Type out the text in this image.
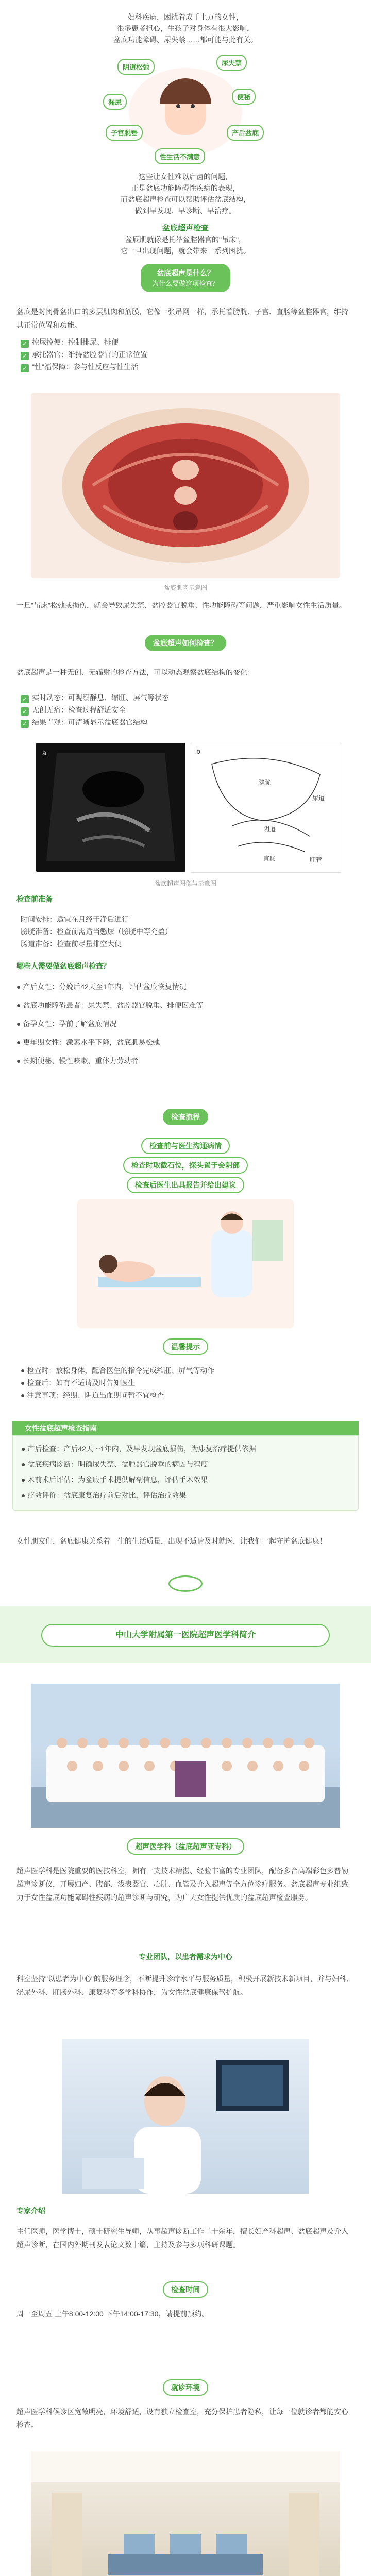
妇科疾病，困扰着成千上万的女性，
很多患者担心，生孩子对身体有很大影响，
盆底功能障碍、尿失禁……都可能与此有关。
阴道松弛
尿失禁
漏尿
便秘
子宫脱垂	产后盆底
性生活不满意
这些让女性难以启齿的问题，
正是盆底功能障碍性疾病的表现，
而盆底超声检查可以帮助评估盆底结构，
做到早发现、早诊断、早治疗。
盆底超声检查
盆底肌就像是托举盆腔器官的"吊床"，
它一旦出现问题，就会带来一系列困扰。
盆底超声是什么？
为什么要做这项检查？
盆底是封闭骨盆出口的多层肌肉和筋膜，它像一张吊网一样，承托着膀胱、子宫、直肠等盆腔器官，维持其正常位置和功能。
✓ 控尿控便：控制排尿、排便
✓ 承托器官：维持盆腔器官的正常位置
✓ "性"福保障：参与性反应与性生活
盆底肌肉示意图
一旦"吊床"松弛或损伤，就会导致尿失禁、盆腔器官脱垂、性功能障碍等问题，严重影响女性生活质量。
盆底超声如何检查？
盆底超声是一种无创、无辐射的检查方法，可以动态观察盆底结构的变化：
✓ 实时动态：可观察静息、缩肛、屏气等状态
✓ 无创无痛：检查过程舒适安全
✓ 结果直观：可清晰显示盆底器官结构
a	b
膀胱
尿道
阴道
直肠	肛管
盆底超声图像与示意图
检查前准备
时间安排：适宜在月经干净后进行
膀胱准备：检查前需适当憋尿（膀胱中等充盈）
肠道准备：检查前尽量排空大便
哪些人需要做盆底超声检查？
● 产后女性：分娩后42天至1年内，评估盆底恢复情况
● 盆底功能障碍患者：尿失禁、盆腔器官脱垂、排便困难等
● 备孕女性：孕前了解盆底情况
● 更年期女性：激素水平下降，盆底肌易松弛
● 长期便秘、慢性咳嗽、重体力劳动者
检查流程
检查前与医生沟通病情
检查时取截石位，探头置于会阴部
检查后医生出具报告并给出建议
温馨提示
● 检查时：放松身体，配合医生的指令完成缩肛、屏气等动作
● 检查后：如有不适请及时告知医生
● 注意事项：经期、阴道出血期间暂不宜检查
女性盆底超声检查指南
● 产后检查：产后42天～1年内，及早发现盆底损伤，为康复治疗提供依据
● 盆底疾病诊断：明确尿失禁、盆腔器官脱垂的病因与程度
● 术前术后评估：为盆底手术提供解剖信息，评估手术效果
● 疗效评价：盆底康复治疗前后对比，评估治疗效果
女性朋友们，盆底健康关系着一生的生活质量，出现不适请及时就医，让我们一起守护盆底健康！
中山大学附属第一医院超声医学科简介
超声医学科（盆底超声亚专科）
超声医学科是医院重要的医技科室，拥有一支技术精湛、经验丰富的专业团队，配备多台高端彩色多普勒超声诊断仪，开展妇产、腹部、浅表器官、心脏、血管及介入超声等全方位诊疗服务。盆底超声专业组致力于女性盆底功能障碍性疾病的超声诊断与研究，为广大女性提供优质的盆底超声检查服务。
专业团队，以患者需求为中心
科室坚持"以患者为中心"的服务理念，不断提升诊疗水平与服务质量，积极开展新技术新项目，并与妇科、泌尿外科、肛肠外科、康复科等多学科协作，为女性盆底健康保驾护航。
专家介绍
主任医师，医学博士，硕士研究生导师，从事超声诊断工作二十余年，擅长妇产科超声、盆底超声及介入超声诊断，在国内外期刊发表论文数十篇，主持及参与多项科研课题。
检查时间
周一至周五 上午8:00-12:00 下午14:00-17:30，请提前预约。
就诊环境
超声医学科候诊区宽敞明亮，环境舒适，设有独立检查室，充分保护患者隐私，让每一位就诊者都能安心检查。
